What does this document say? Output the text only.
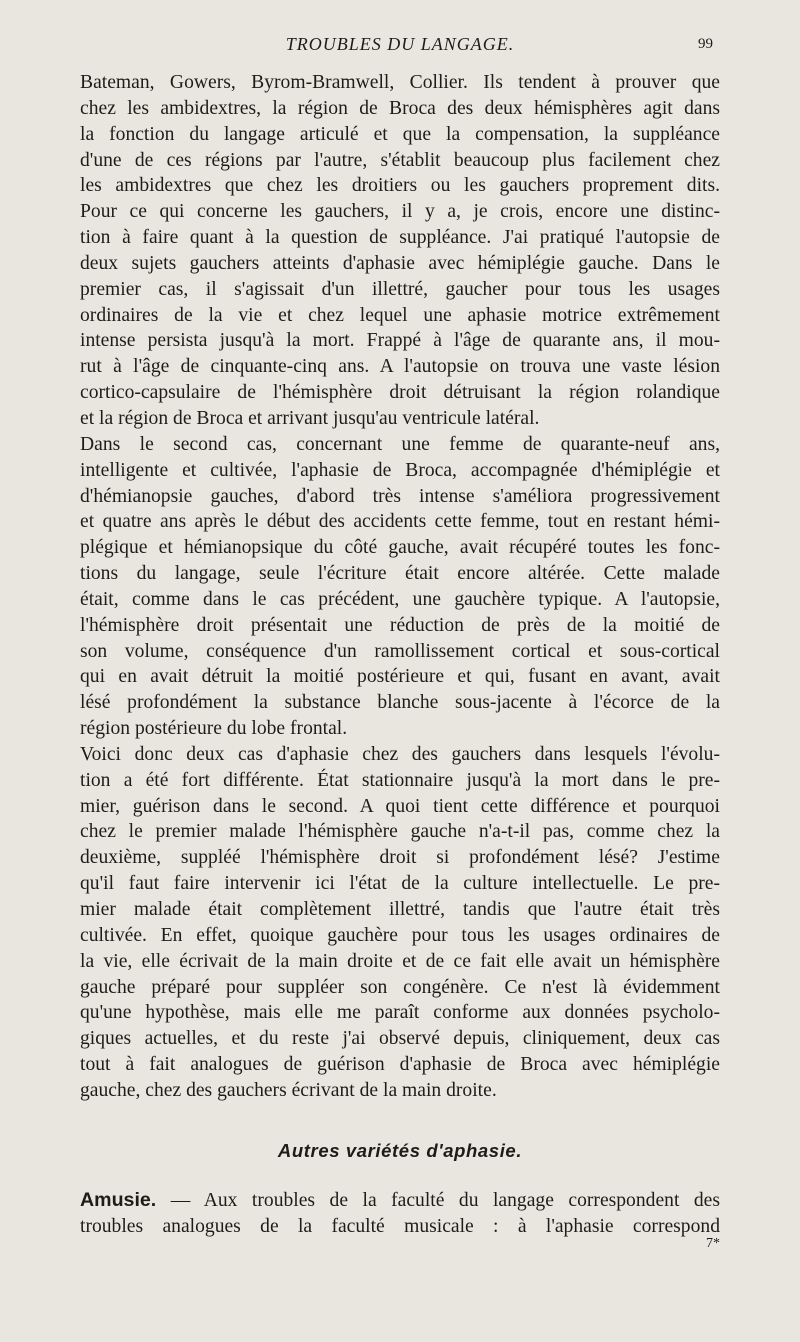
TROUBLES DU LANGAGE.	99
Bateman, Gowers, Byrom-Bramwell, Collier. Ils tendent à prouver que
chez les ambidextres, la région de Broca des deux hémisphères agit dans
la fonction du langage articulé et que la compensation, la suppléance
d'une de ces régions par l'autre, s'établit beaucoup plus facilement chez
les ambidextres que chez les droitiers ou les gauchers proprement dits.
Pour ce qui concerne les gauchers, il y a, je crois, encore une distinc-
tion à faire quant à la question de suppléance. J'ai pratiqué l'autopsie de
deux sujets gauchers atteints d'aphasie avec hémiplégie gauche. Dans le
premier cas, il s'agissait d'un illettré, gaucher pour tous les usages
ordinaires de la vie et chez lequel une aphasie motrice extrêmement
intense persista jusqu'à la mort. Frappé à l'âge de quarante ans, il mou-
rut à l'âge de cinquante-cinq ans. A l'autopsie on trouva une vaste lésion
cortico-capsulaire de l'hémisphère droit détruisant la région rolandique
et la région de Broca et arrivant jusqu'au ventricule latéral.
Dans le second cas, concernant une femme de quarante-neuf ans,
intelligente et cultivée, l'aphasie de Broca, accompagnée d'hémiplégie et
d'hémianopsie gauches, d'abord très intense s'améliora progressivement
et quatre ans après le début des accidents cette femme, tout en restant hémi-
plégique et hémianopsique du côté gauche, avait récupéré toutes les fonc-
tions du langage, seule l'écriture était encore altérée. Cette malade
était, comme dans le cas précédent, une gauchère typique. A l'autopsie,
l'hémisphère droit présentait une réduction de près de la moitié de
son volume, conséquence d'un ramollissement cortical et sous-cortical
qui en avait détruit la moitié postérieure et qui, fusant en avant, avait
lésé profondément la substance blanche sous-jacente à l'écorce de la
région postérieure du lobe frontal.
Voici donc deux cas d'aphasie chez des gauchers dans lesquels l'évolu-
tion a été fort différente. État stationnaire jusqu'à la mort dans le pre-
mier, guérison dans le second. A quoi tient cette différence et pourquoi
chez le premier malade l'hémisphère gauche n'a-t-il pas, comme chez la
deuxième, suppléé l'hémisphère droit si profondément lésé? J'estime
qu'il faut faire intervenir ici l'état de la culture intellectuelle. Le pre-
mier malade était complètement illettré, tandis que l'autre était très
cultivée. En effet, quoique gauchère pour tous les usages ordinaires de
la vie, elle écrivait de la main droite et de ce fait elle avait un hémisphère
gauche préparé pour suppléer son congénère. Ce n'est là évidemment
qu'une hypothèse, mais elle me paraît conforme aux données psycholo-
giques actuelles, et du reste j'ai observé depuis, cliniquement, deux cas
tout à fait analogues de guérison d'aphasie de Broca avec hémiplégie
gauche, chez des gauchers écrivant de la main droite.
Autres variétés d'aphasie.
Amusie. — Aux troubles de la faculté du langage correspondent des
troubles analogues de la faculté musicale : à l'aphasie correspond
7*
